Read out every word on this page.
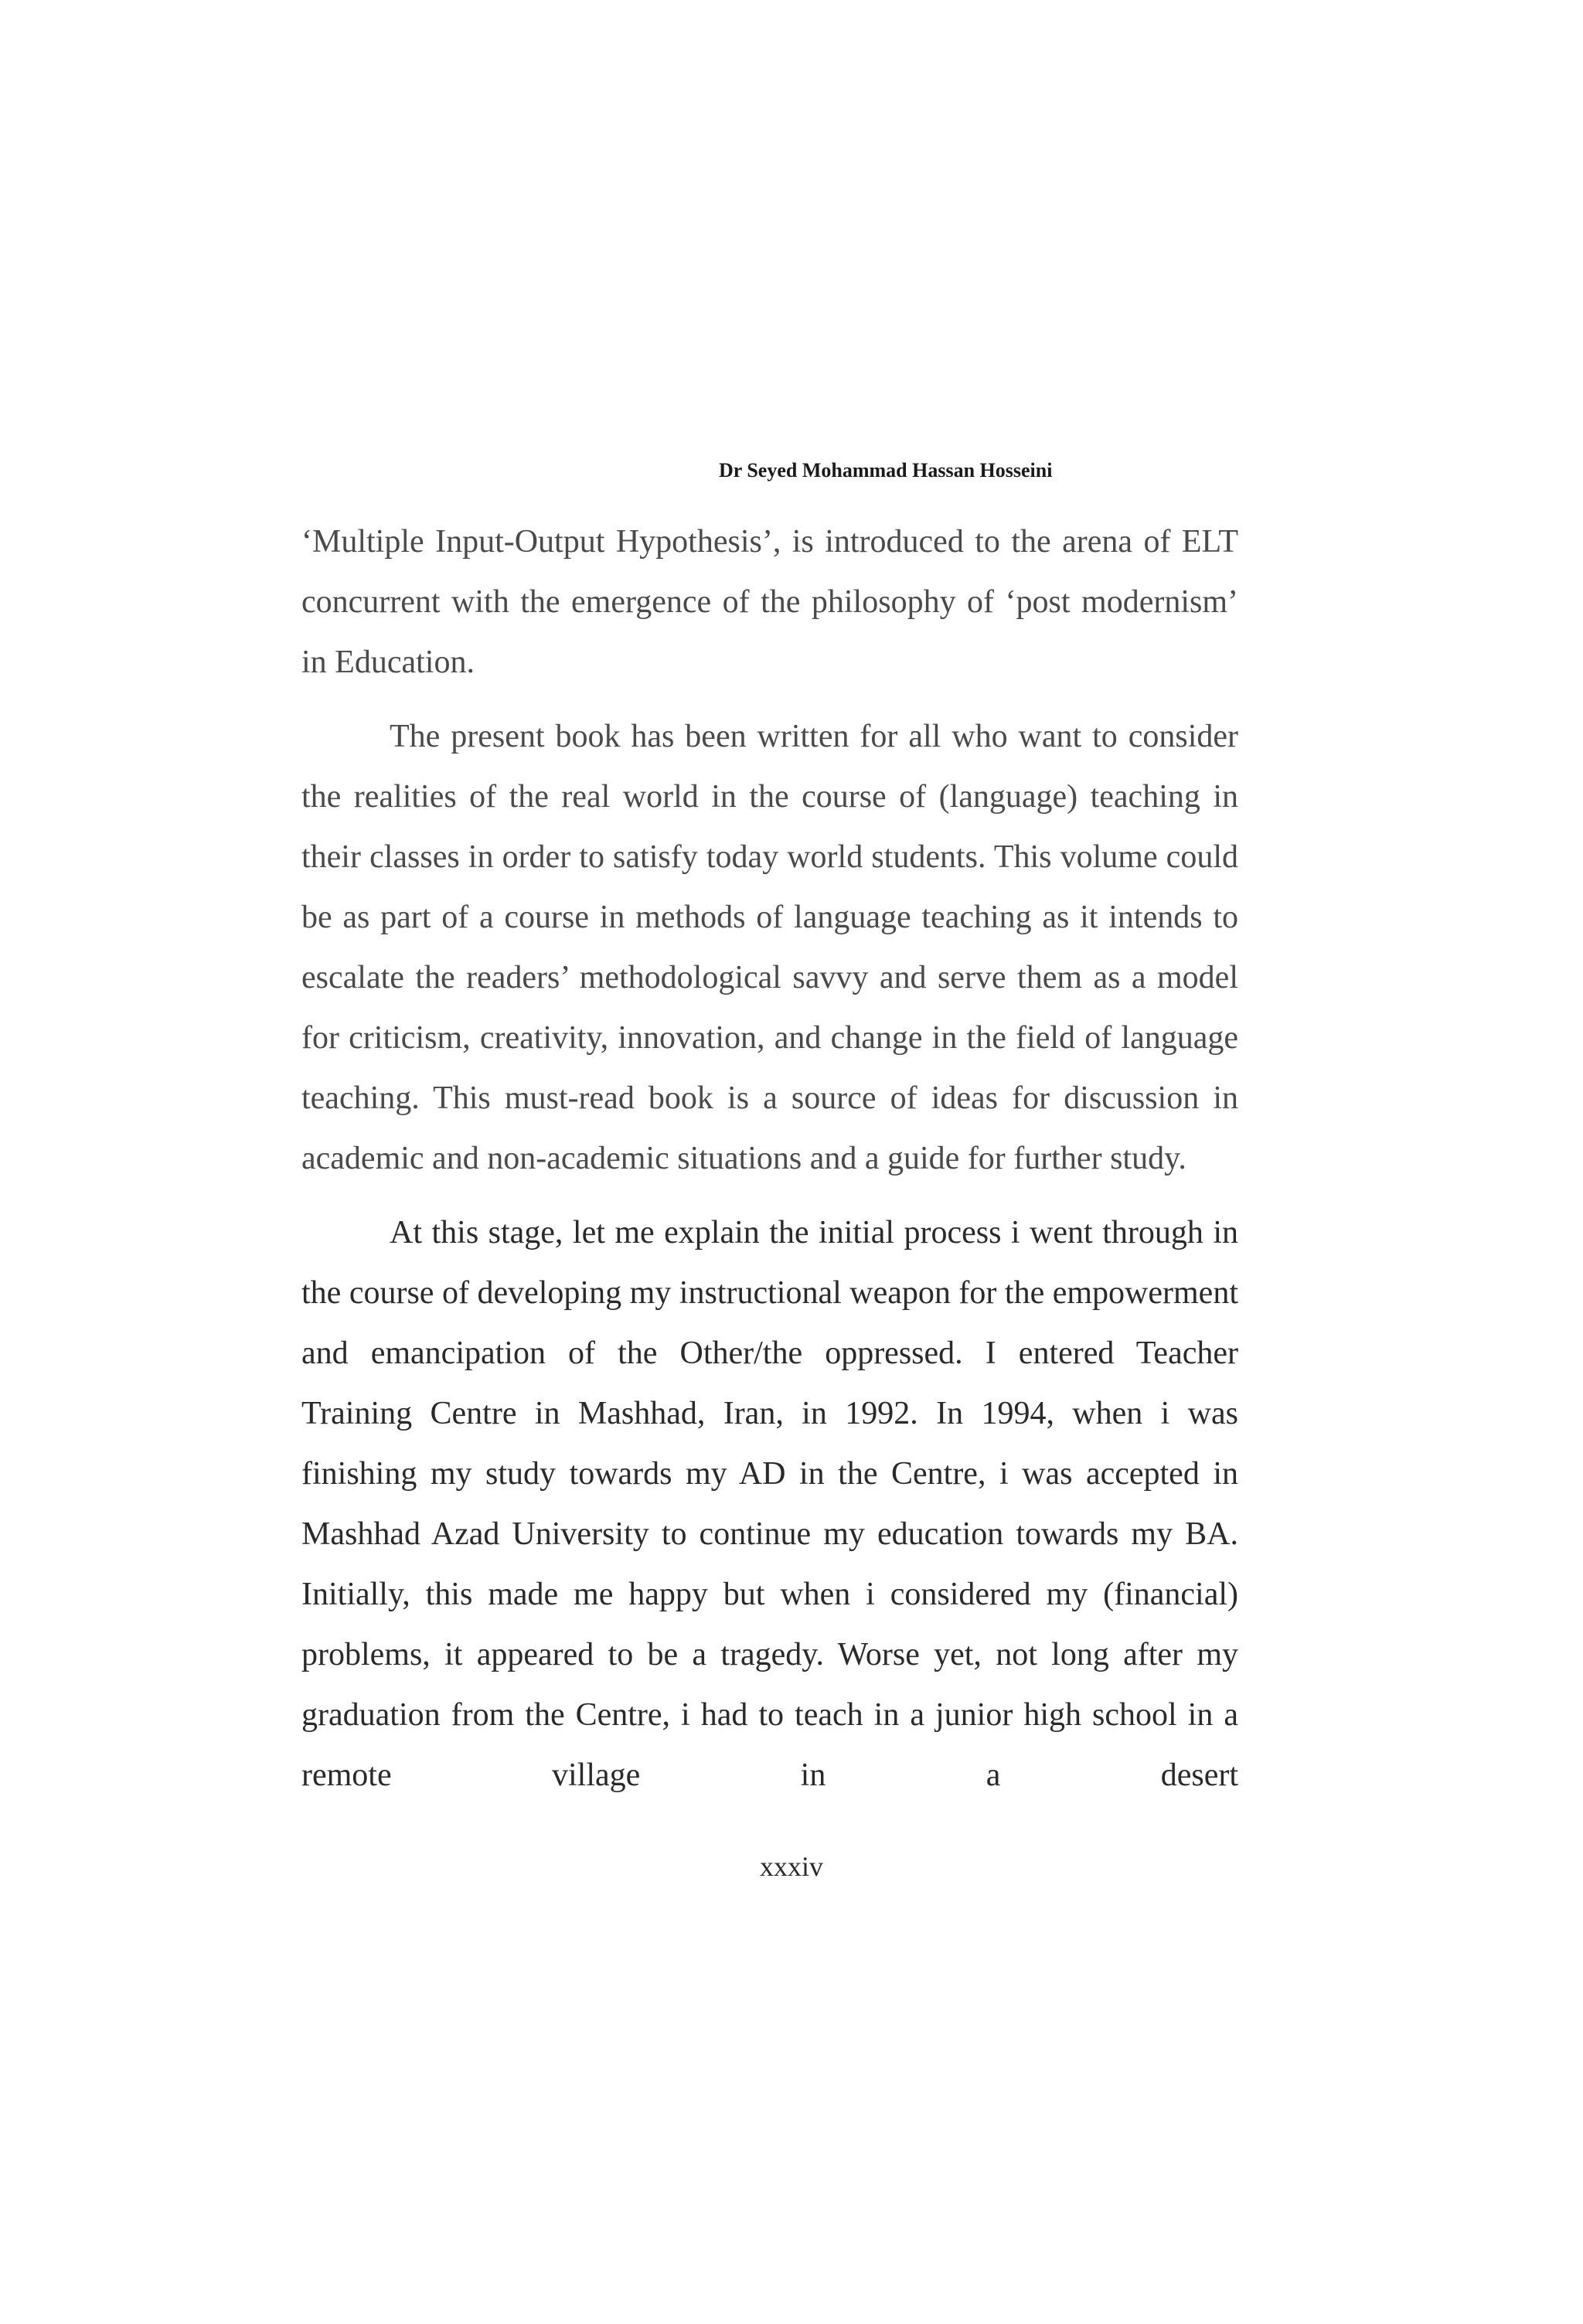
Dr Seyed Mohammad Hassan Hosseini

‘Multiple Input-Output Hypothesis’, is introduced to the arena of ELT concurrent with the emergence of the philosophy of ‘post modernism’ in Education.

The present book has been written for all who want to consider the realities of the real world in the course of (language) teaching in their classes in order to satisfy today world students. This volume could be as part of a course in methods of language teaching as it intends to escalate the readers’ methodological savvy and serve them as a model for criticism, creativity, innovation, and change in the field of language teaching. This must-read book is a source of ideas for discussion in academic and non-academic situations and a guide for further study.

At this stage, let me explain the initial process i went through in the course of developing my instructional weapon for the empowerment and emancipation of the Other/the oppressed. I entered Teacher Training Centre in Mashhad, Iran, in 1992. In 1994, when i was finishing my study towards my AD in the Centre, i was accepted in Mashhad Azad University to continue my education towards my BA. Initially, this made me happy but when i considered my (financial) problems, it appeared to be a tragedy. Worse yet, not long after my graduation from the Centre, i had to teach in a junior high school in a remote village in a desert

xxxiv
